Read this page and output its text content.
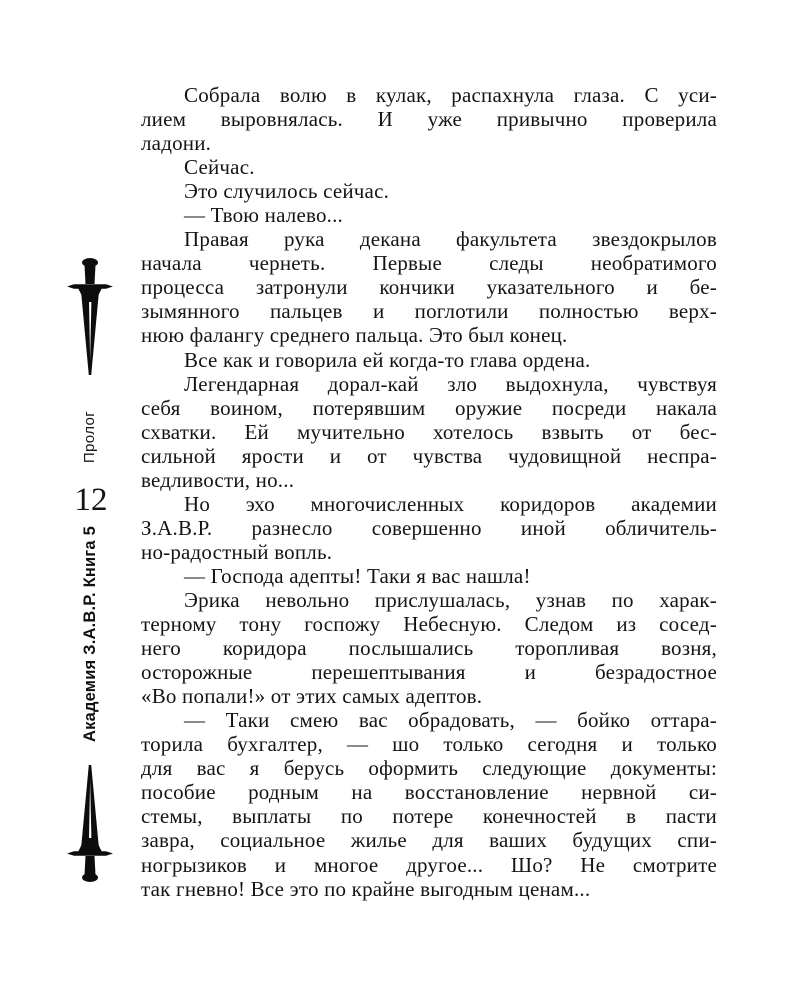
Пролог
12
Академия З.А.В.Р. Книга 5
Собрала волю в кулак, распахнула глаза. С уси-
лием выровнялась. И уже привычно проверила
ладони.
Сейчас.
Это случилось сейчас.
— Твою налево...
Правая рука декана факультета звездокрылов
начала чернеть. Первые следы необратимого
процесса затронули кончики указательного и бе-
зымянного пальцев и поглотили полностью верх-
нюю фалангу среднего пальца. Это был конец.
Все как и говорила ей когда-то глава ордена.
Легендарная дорал-кай зло выдохнула, чувствуя
себя воином, потерявшим оружие посреди накала
схватки. Ей мучительно хотелось взвыть от бес-
сильной ярости и от чувства чудовищной неспра-
ведливости, но...
Но эхо многочисленных коридоров академии
З.А.В.Р. разнесло совершенно иной обличитель-
но-радостный вопль.
— Господа адепты! Таки я вас нашла!
Эрика невольно прислушалась, узнав по харак-
терному тону госпожу Небесную. Следом из сосед-
него коридора послышались торопливая возня,
осторожные перешептывания и безрадостное
«Во попали!» от этих самых адептов.
— Таки смею вас обрадовать, — бойко оттара-
торила бухгалтер, — шо только сегодня и только
для вас я берусь оформить следующие документы:
пособие родным на восстановление нервной си-
стемы, выплаты по потере конечностей в пасти
завра, социальное жилье для ваших будущих спи-
ногрызиков и многое другое... Шо? Не смотрите
так гневно! Все это по крайне выгодным ценам...
